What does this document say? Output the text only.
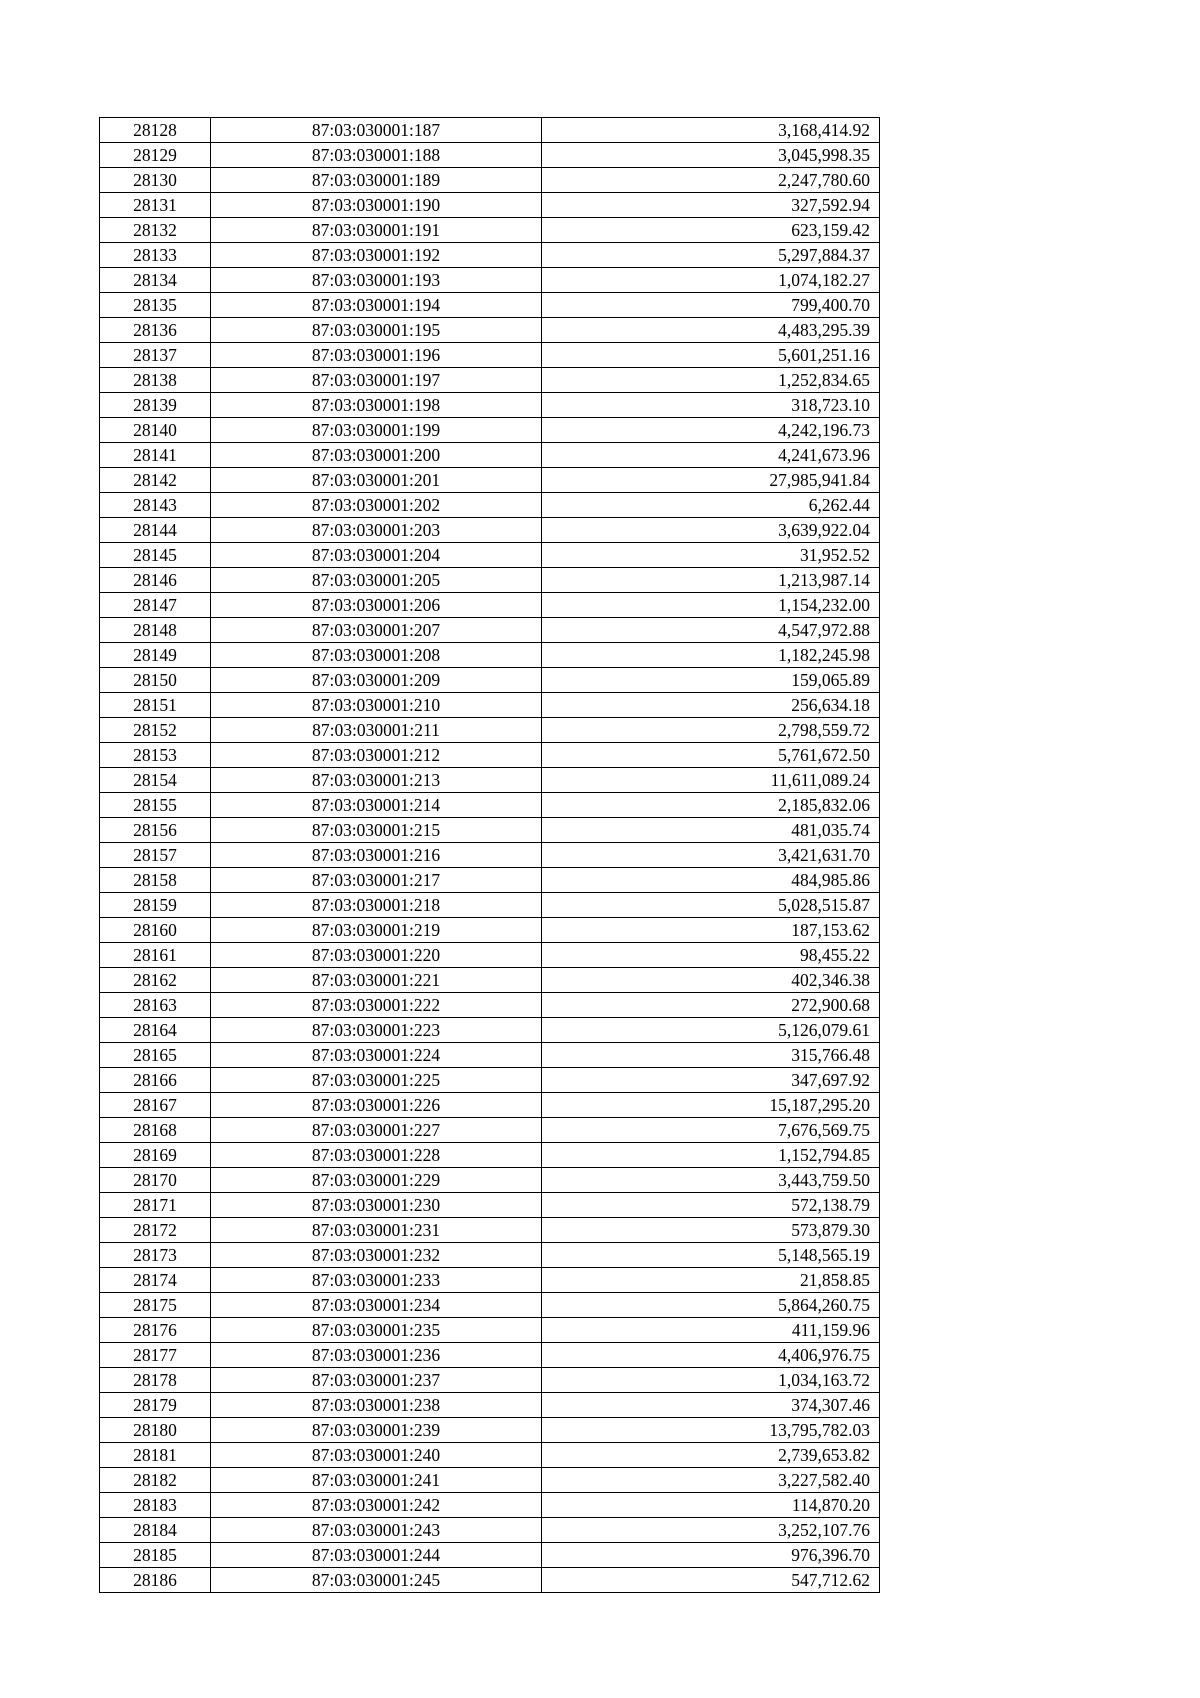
28128	87:03:030001:187	3,168,414.92
28129	87:03:030001:188	3,045,998.35
28130	87:03:030001:189	2,247,780.60
28131	87:03:030001:190	327,592.94
28132	87:03:030001:191	623,159.42
28133	87:03:030001:192	5,297,884.37
28134	87:03:030001:193	1,074,182.27
28135	87:03:030001:194	799,400.70
28136	87:03:030001:195	4,483,295.39
28137	87:03:030001:196	5,601,251.16
28138	87:03:030001:197	1,252,834.65
28139	87:03:030001:198	318,723.10
28140	87:03:030001:199	4,242,196.73
28141	87:03:030001:200	4,241,673.96
28142	87:03:030001:201	27,985,941.84
28143	87:03:030001:202	6,262.44
28144	87:03:030001:203	3,639,922.04
28145	87:03:030001:204	31,952.52
28146	87:03:030001:205	1,213,987.14
28147	87:03:030001:206	1,154,232.00
28148	87:03:030001:207	4,547,972.88
28149	87:03:030001:208	1,182,245.98
28150	87:03:030001:209	159,065.89
28151	87:03:030001:210	256,634.18
28152	87:03:030001:211	2,798,559.72
28153	87:03:030001:212	5,761,672.50
28154	87:03:030001:213	11,611,089.24
28155	87:03:030001:214	2,185,832.06
28156	87:03:030001:215	481,035.74
28157	87:03:030001:216	3,421,631.70
28158	87:03:030001:217	484,985.86
28159	87:03:030001:218	5,028,515.87
28160	87:03:030001:219	187,153.62
28161	87:03:030001:220	98,455.22
28162	87:03:030001:221	402,346.38
28163	87:03:030001:222	272,900.68
28164	87:03:030001:223	5,126,079.61
28165	87:03:030001:224	315,766.48
28166	87:03:030001:225	347,697.92
28167	87:03:030001:226	15,187,295.20
28168	87:03:030001:227	7,676,569.75
28169	87:03:030001:228	1,152,794.85
28170	87:03:030001:229	3,443,759.50
28171	87:03:030001:230	572,138.79
28172	87:03:030001:231	573,879.30
28173	87:03:030001:232	5,148,565.19
28174	87:03:030001:233	21,858.85
28175	87:03:030001:234	5,864,260.75
28176	87:03:030001:235	411,159.96
28177	87:03:030001:236	4,406,976.75
28178	87:03:030001:237	1,034,163.72
28179	87:03:030001:238	374,307.46
28180	87:03:030001:239	13,795,782.03
28181	87:03:030001:240	2,739,653.82
28182	87:03:030001:241	3,227,582.40
28183	87:03:030001:242	114,870.20
28184	87:03:030001:243	3,252,107.76
28185	87:03:030001:244	976,396.70
28186	87:03:030001:245	547,712.62
